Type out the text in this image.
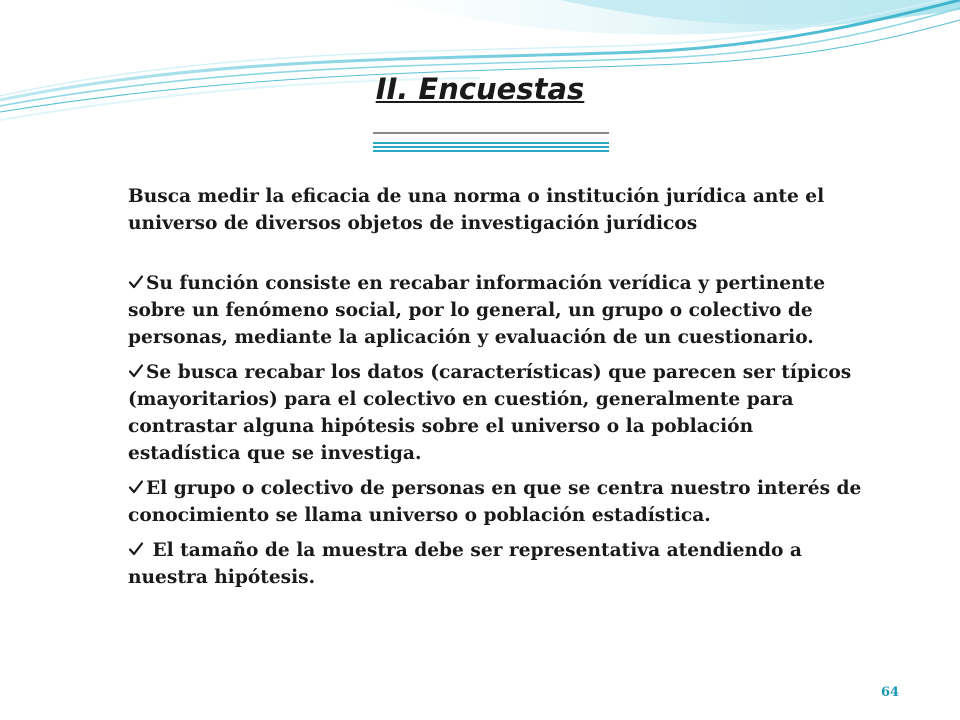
II. Encuestas

Busca medir la eficacia de una norma o institución jurídica ante el universo de diversos objetos de investigación jurídicos

Su función consiste en recabar información verídica y pertinente sobre un fenómeno social, por lo general, un grupo o colectivo de personas, mediante la aplicación y evaluación de un cuestionario.

Se busca recabar los datos (características) que parecen ser típicos (mayoritarios) para el colectivo en cuestión, generalmente para contrastar alguna hipótesis sobre el universo o la población estadística que se investiga.

El grupo o colectivo de personas en que se centra nuestro interés de conocimiento se llama universo o población estadística.

El tamaño de la muestra debe ser representativa atendiendo a nuestra hipótesis.

64
